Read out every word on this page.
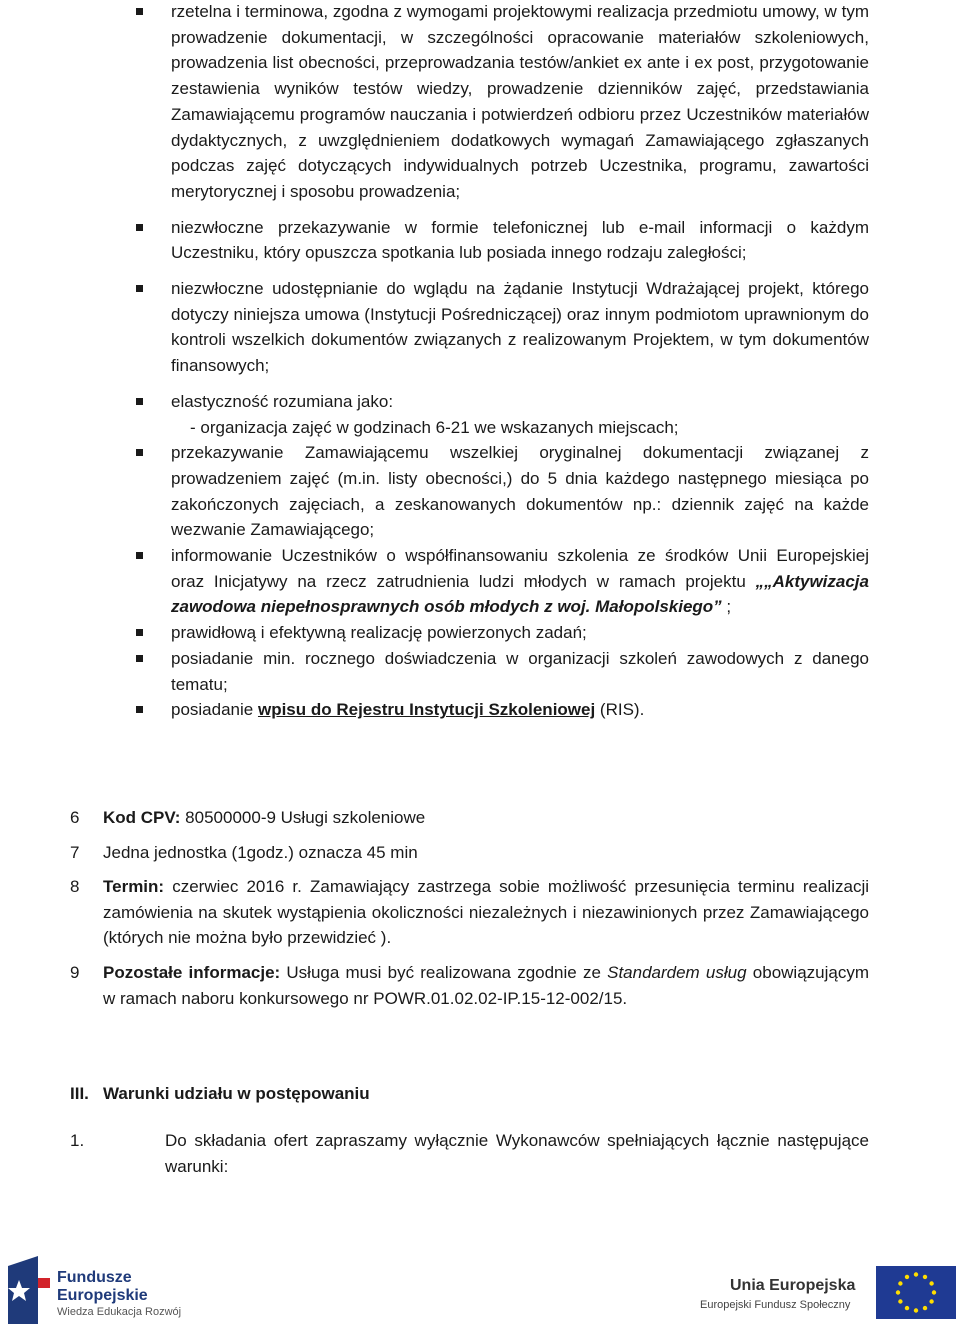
rzetelna i terminowa, zgodna z wymogami projektowymi realizacja przedmiotu umowy, w tym prowadzenie dokumentacji, w szczególności opracowanie materiałów szkoleniowych, prowadzenia list obecności, przeprowadzania testów/ankiet ex ante i ex post, przygotowanie zestawienia wyników testów wiedzy, prowadzenie dzienników zajęć, przedstawiania Zamawiającemu programów nauczania i potwierdzeń odbioru przez Uczestników materiałów dydaktycznych, z uwzględnieniem dodatkowych wymagań Zamawiającego zgłaszanych podczas zajęć dotyczących indywidualnych potrzeb Uczestnika, programu, zawartości merytorycznej i sposobu prowadzenia;
niezwłoczne przekazywanie w formie telefonicznej lub e-mail informacji o każdym Uczestniku, który opuszcza spotkania lub posiada innego rodzaju zaległości;
niezwłoczne udostępnianie do wglądu na żądanie Instytucji Wdrażającej projekt, którego dotyczy niniejsza umowa (Instytucji Pośredniczącej) oraz innym podmiotom uprawnionym do kontroli wszelkich dokumentów związanych z realizowanym Projektem, w tym dokumentów finansowych;
elastyczność rozumiana jako:
- organizacja zajęć w godzinach 6-21 we wskazanych miejscach;
przekazywanie Zamawiającemu wszelkiej oryginalnej dokumentacji związanej z prowadzeniem zajęć (m.in. listy obecności,) do 5 dnia każdego następnego miesiąca po zakończonych zajęciach, a zeskanowanych dokumentów np.: dziennik zajęć na każde wezwanie Zamawiającego;
informowanie Uczestników o współfinansowaniu szkolenia ze środków Unii Europejskiej oraz Inicjatywy na rzecz zatrudnienia ludzi młodych w ramach projektu „„Aktywizacja zawodowa niepełnosprawnych osób młodych z woj. Małopolskiego” ;
prawidłową i efektywną realizację powierzonych zadań;
posiadanie min. rocznego doświadczenia w organizacji szkoleń zawodowych z danego tematu;
posiadanie wpisu do Rejestru Instytucji Szkoleniowej (RIS).
6	Kod CPV: 80500000-9 Usługi szkoleniowe
7	Jedna jednostka (1godz.) oznacza 45 min
8	Termin: czerwiec 2016 r. Zamawiający zastrzega sobie możliwość przesunięcia terminu realizacji zamówienia na skutek wystąpienia okoliczności niezależnych i niezawinionych przez Zamawiającego (których nie można było przewidzieć ).
9	Pozostałe informacje: Usługa musi być realizowana zgodnie ze Standardem usług obowiązującym w ramach naboru konkursowego nr POWR.01.02.02-IP.15-12-002/15.
III. Warunki udziału w postępowaniu
1.	Do składania ofert zapraszamy wyłącznie Wykonawców spełniających łącznie następujące warunki:
Fundusze
Europejskie
Wiedza Edukacja Rozwój
Unia Europejska
Europejski Fundusz Społeczny
